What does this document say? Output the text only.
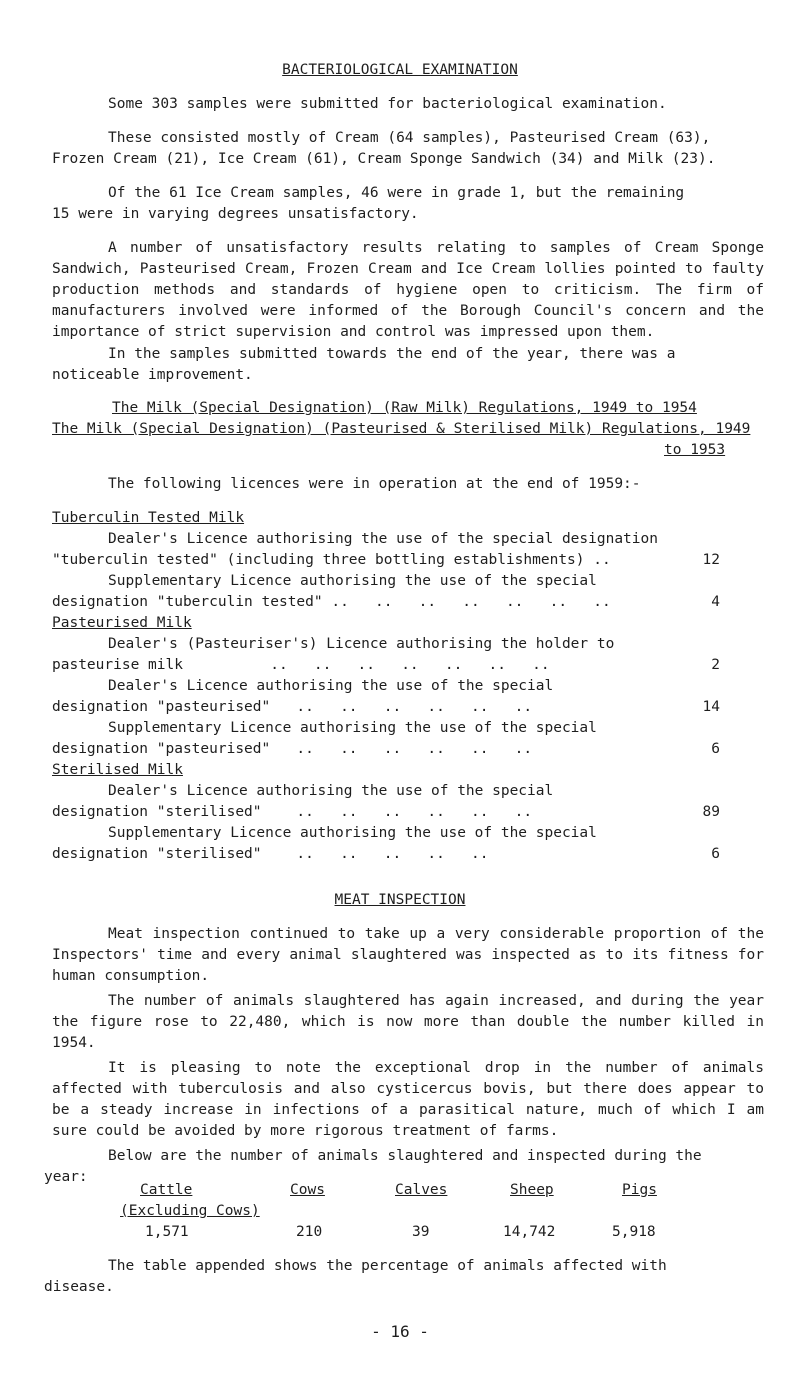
BACTERIOLOGICAL EXAMINATION
Some 303 samples were submitted for bacteriological examination.
These consisted mostly of Cream (64 samples), Pasteurised Cream (63),
Frozen Cream (21), Ice Cream (61), Cream Sponge Sandwich (34) and Milk (23).
Of the 61 Ice Cream samples, 46 were in grade 1, but the remaining
15 were in varying degrees unsatisfactory.
A number of unsatisfactory results relating to samples of Cream Sponge Sandwich, Pasteurised Cream, Frozen Cream and Ice Cream lollies pointed to faulty production methods and standards of hygiene open to criticism. The firm of manufacturers involved were informed of the Borough Council's concern and the importance of strict supervision and control was impressed upon them.
In the samples submitted towards the end of the year, there was a
noticeable improvement.
The Milk (Special Designation) (Raw Milk) Regulations, 1949 to 1954
The Milk (Special Designation) (Pasteurised & Sterilised Milk) Regulations, 1949
to 1953
The following licences were in operation at the end of 1959:-
Tuberculin Tested Milk
Dealer's Licence authorising the use of the special designation
"tuberculin tested" (including three bottling establishments) ..	12
Supplementary Licence authorising the use of the special
designation "tuberculin tested" ..   ..   ..   ..   ..   ..   ..	4
Pasteurised Milk
Dealer's (Pasteuriser's) Licence authorising the holder to
pasteurise milk          ..   ..   ..   ..   ..   ..   ..	2
Dealer's Licence authorising the use of the special
designation "pasteurised"   ..   ..   ..   ..   ..   ..	14
Supplementary Licence authorising the use of the special
designation "pasteurised"   ..   ..   ..   ..   ..   ..	6
Sterilised Milk
Dealer's Licence authorising the use of the special
designation "sterilised"    ..   ..   ..   ..   ..   ..	89
Supplementary Licence authorising the use of the special
designation "sterilised"    ..   ..   ..   ..   ..	6
MEAT INSPECTION
Meat inspection continued to take up a very considerable proportion of the Inspectors' time and every animal slaughtered was inspected as to its fitness for human consumption.
The number of animals slaughtered has again increased, and during the year the figure rose to 22,480, which is now more than double the number killed in 1954.
It is pleasing to note the exceptional drop in the number of animals affected with tuberculosis and also cysticercus bovis, but there does appear to be a steady increase in infections of a parasitical nature, much of which I am sure could be avoided by more rigorous treatment of farms.
Below are the number of animals slaughtered and inspected during the
year:
Cattle	Cows	Calves	Sheep	Pigs
(Excluding Cows)
1,571	210	39	14,742	5,918
The table appended shows the percentage of animals affected with
disease.
- 16 -
